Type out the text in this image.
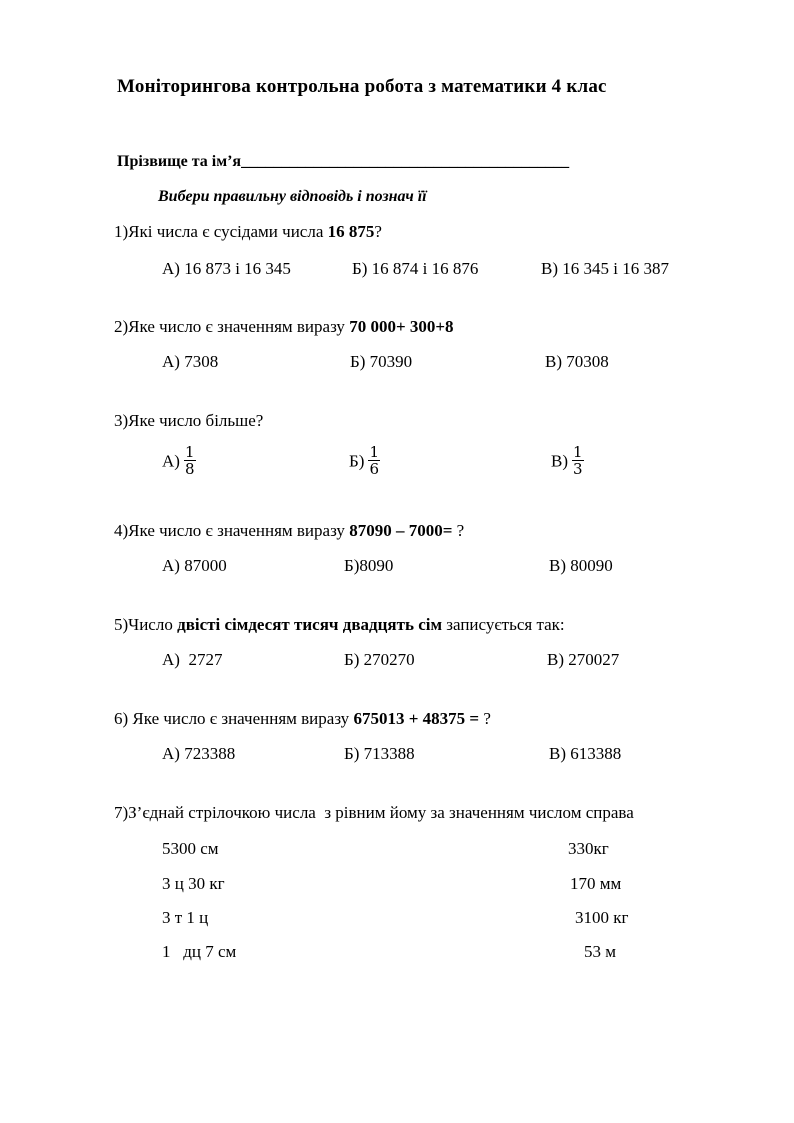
Моніторингова контрольна робота з математики 4 клас
Прізвище та ім’я_________________________________________
Вибери правильну відповідь і познач її
1)Які числа є сусідами числа 16 875?
А) 16 873 і 16 345	Б) 16 874 і 16 876	В) 16 345 і 16 387
2)Яке число є значенням виразу 70 000+ 300+8
А) 7308	Б) 70390	В) 70308
3)Яке число більше?
$А) \frac{1}{8}$	$Б) \frac{1}{6}$	$В) \frac{1}{3}$
4)Яке число є значенням виразу 87090 – 7000= ?
А) 87000	Б)8090	В) 80090
5)Число двісті сімдесят тисяч двадцять сім записується так:
А)  2727	Б) 270270	В) 270027
6) Яке число є значенням виразу 675013 + 48375 = ?
А) 723388	Б) 713388	В) 613388
7)З’єднай стрілочкою числа  з рівним йому за значенням числом справа
5300 см	330кг
3 ц 30 кг	170 мм
3 т 1 ц	3100 кг
1   дц 7 см	53 м
